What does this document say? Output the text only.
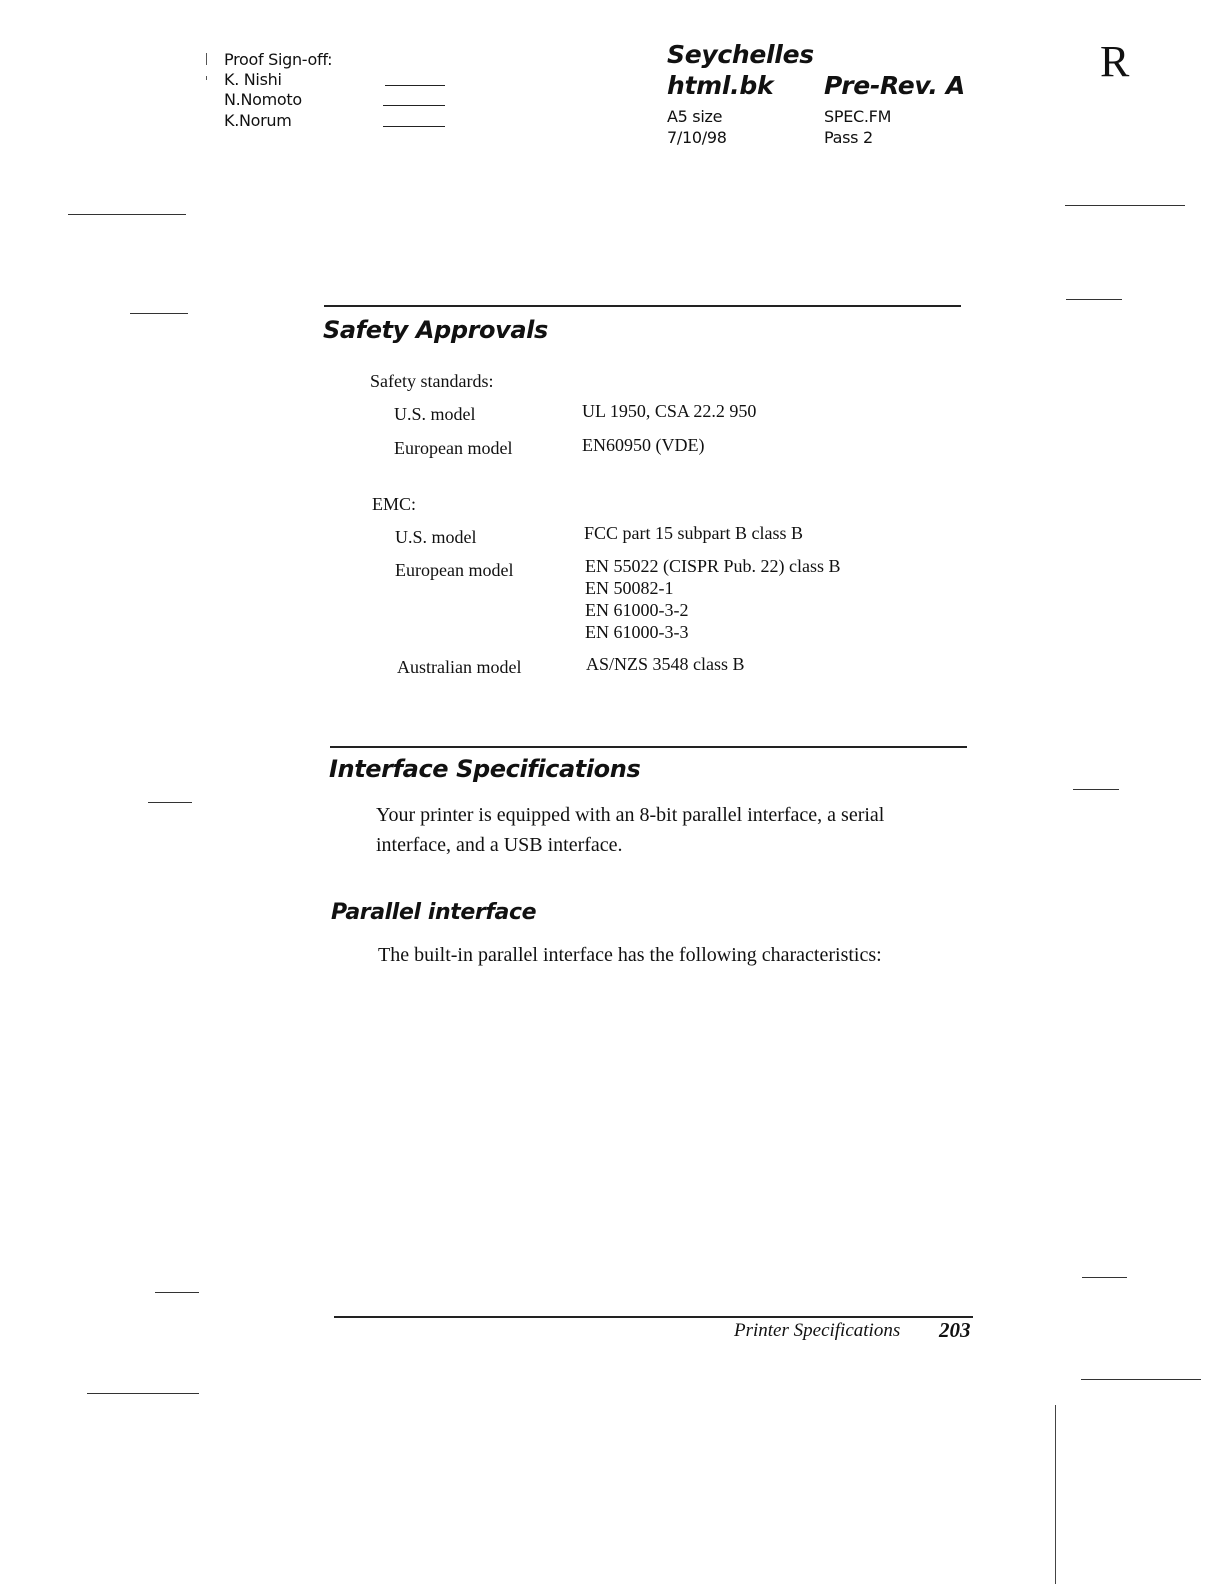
Proof Sign-off:
K. Nishi
N.Nomoto
K.Norum
Seychelles
html.bk Pre-Rev. A
A5 size
7/10/98
SPEC.FM
Pass 2
R
Safety Approvals
Safety standards:
U.S. model	UL 1950, CSA 22.2 950
European model	EN60950 (VDE)
EMC:
U.S. model	FCC part 15 subpart B class B
European model	EN 55022 (CISPR Pub. 22) class B
EN 50082-1
EN 61000-3-2
EN 61000-3-3
Australian model	AS/NZS 3548 class B
Interface Specifications
Your printer is equipped with an 8-bit parallel interface, a serial
interface, and a USB interface.
Parallel interface
The built-in parallel interface has the following characteristics:
Printer Specifications 203
